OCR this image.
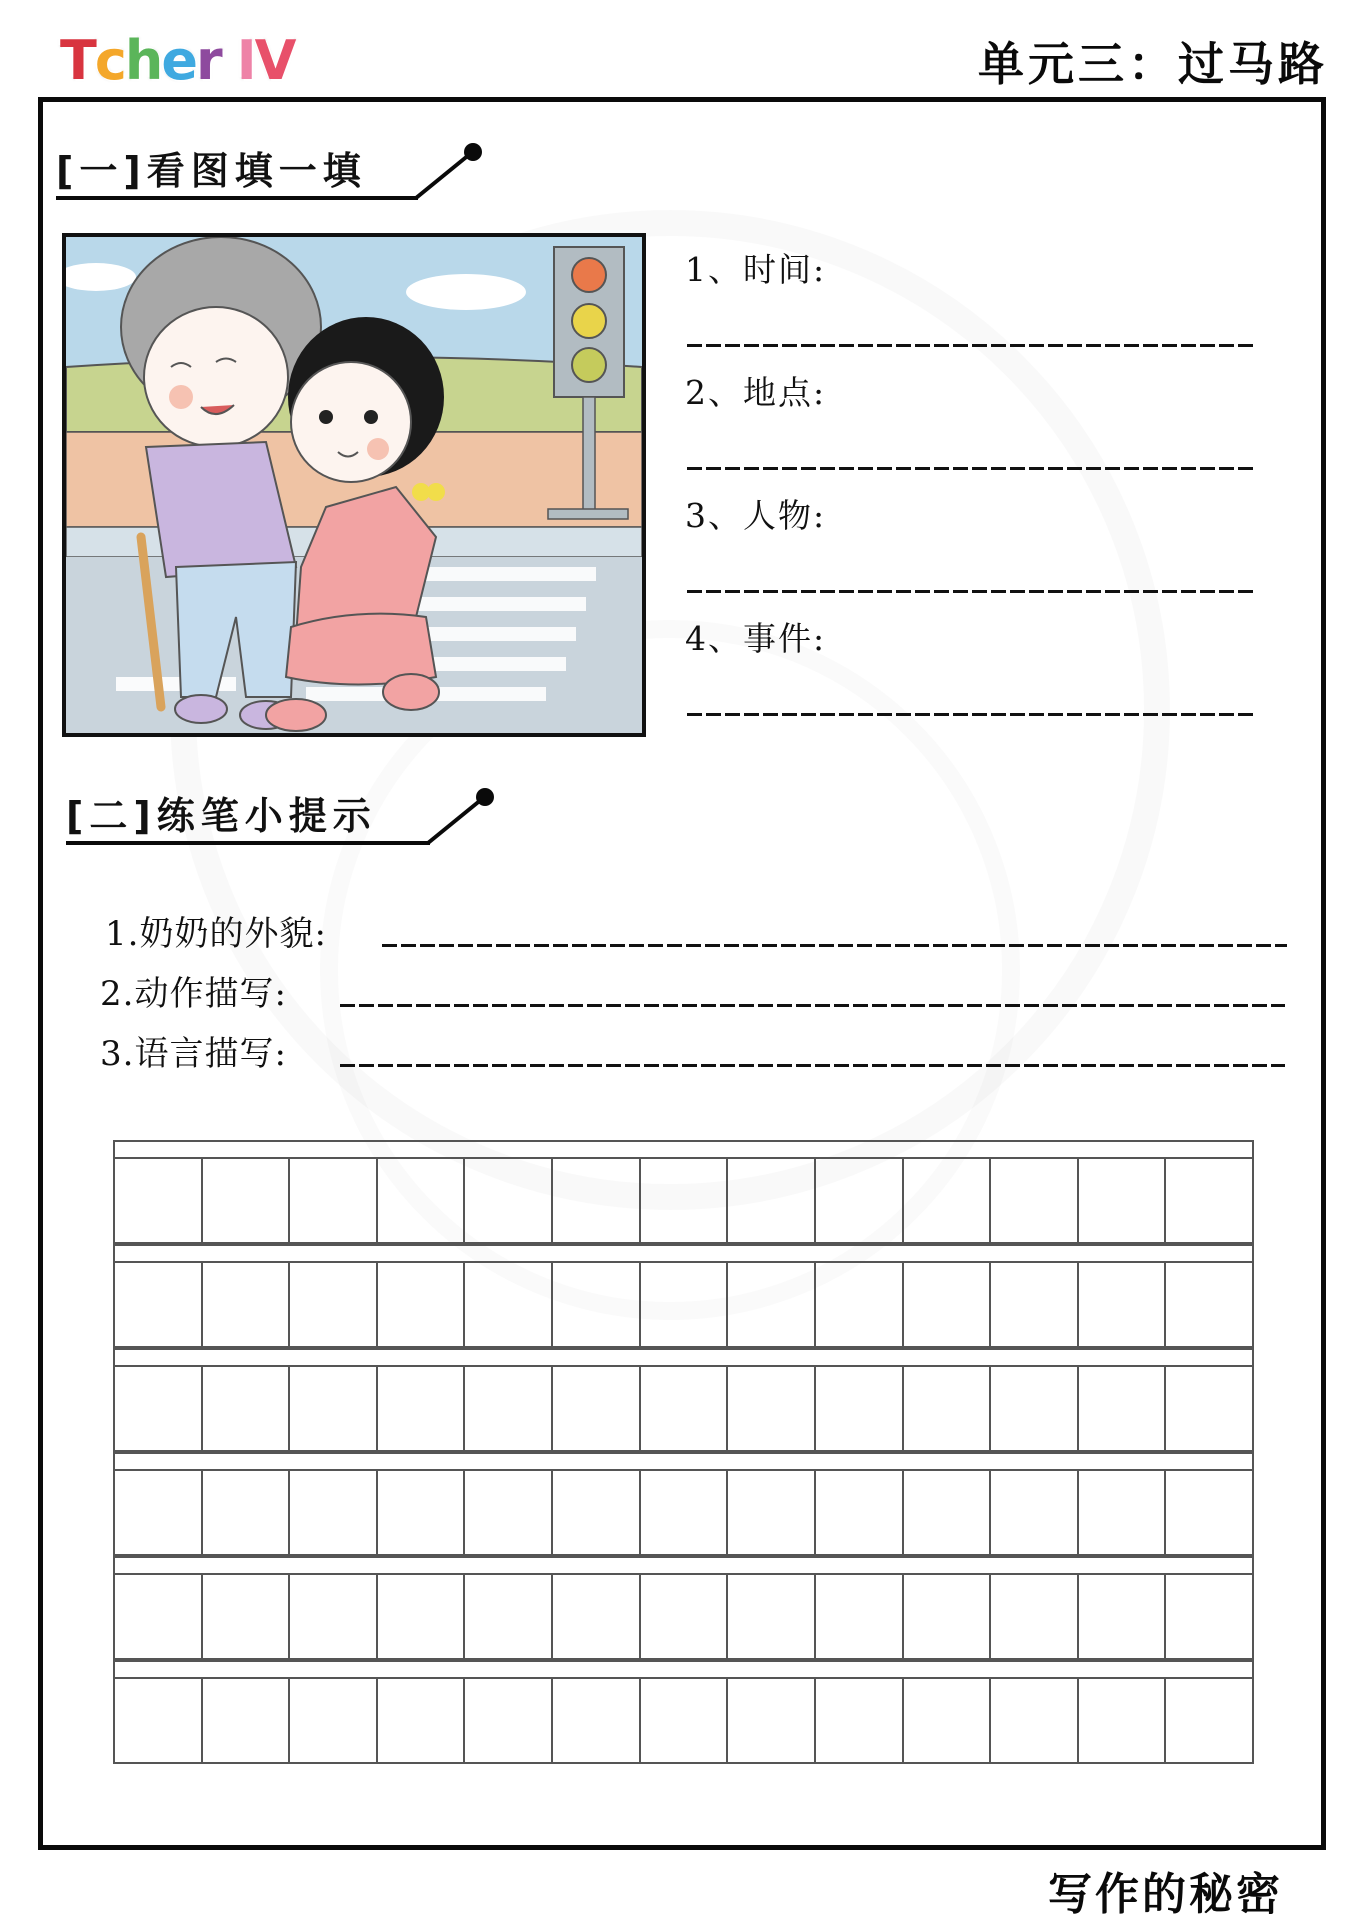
T c h e r I V	单元三：过马路
[一]看图填一填
1、时间:
2、地点:
3、人物:
4、事件:
[二]练笔小提示
1.奶奶的外貌:
2.动作描写:
3.语言描写:
写作的秘密
